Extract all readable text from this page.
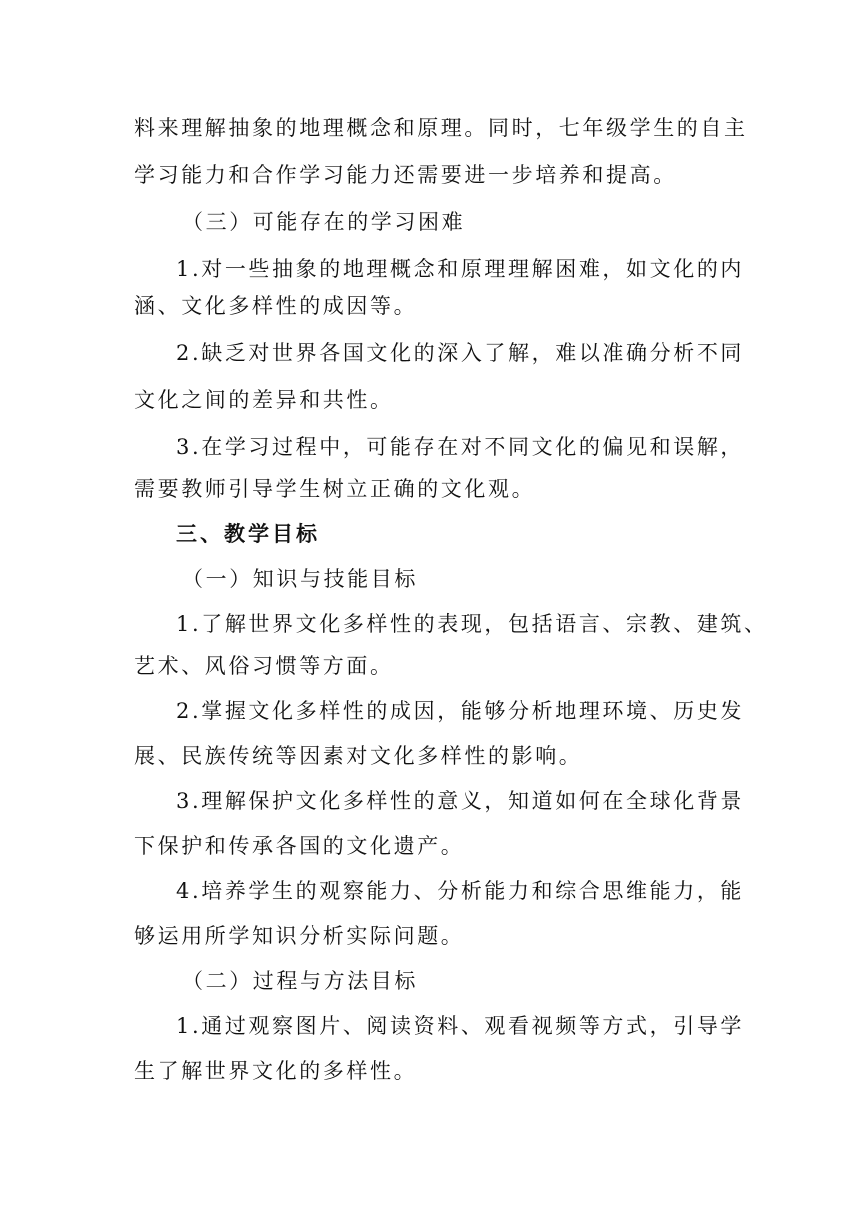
料来理解抽象的地理概念和原理。同时，七年级学生的自主
学习能力和合作学习能力还需要进一步培养和提高。
（三）可能存在的学习困难
1.对一些抽象的地理概念和原理理解困难，如文化的内
涵、文化多样性的成因等。
2.缺乏对世界各国文化的深入了解，难以准确分析不同
文化之间的差异和共性。
3.在学习过程中，可能存在对不同文化的偏见和误解，
需要教师引导学生树立正确的文化观。
三、教学目标
（一）知识与技能目标
1.了解世界文化多样性的表现，包括语言、宗教、建筑、
艺术、风俗习惯等方面。
2.掌握文化多样性的成因，能够分析地理环境、历史发
展、民族传统等因素对文化多样性的影响。
3.理解保护文化多样性的意义，知道如何在全球化背景
下保护和传承各国的文化遗产。
4.培养学生的观察能力、分析能力和综合思维能力，能
够运用所学知识分析实际问题。
（二）过程与方法目标
1.通过观察图片、阅读资料、观看视频等方式，引导学
生了解世界文化的多样性。
